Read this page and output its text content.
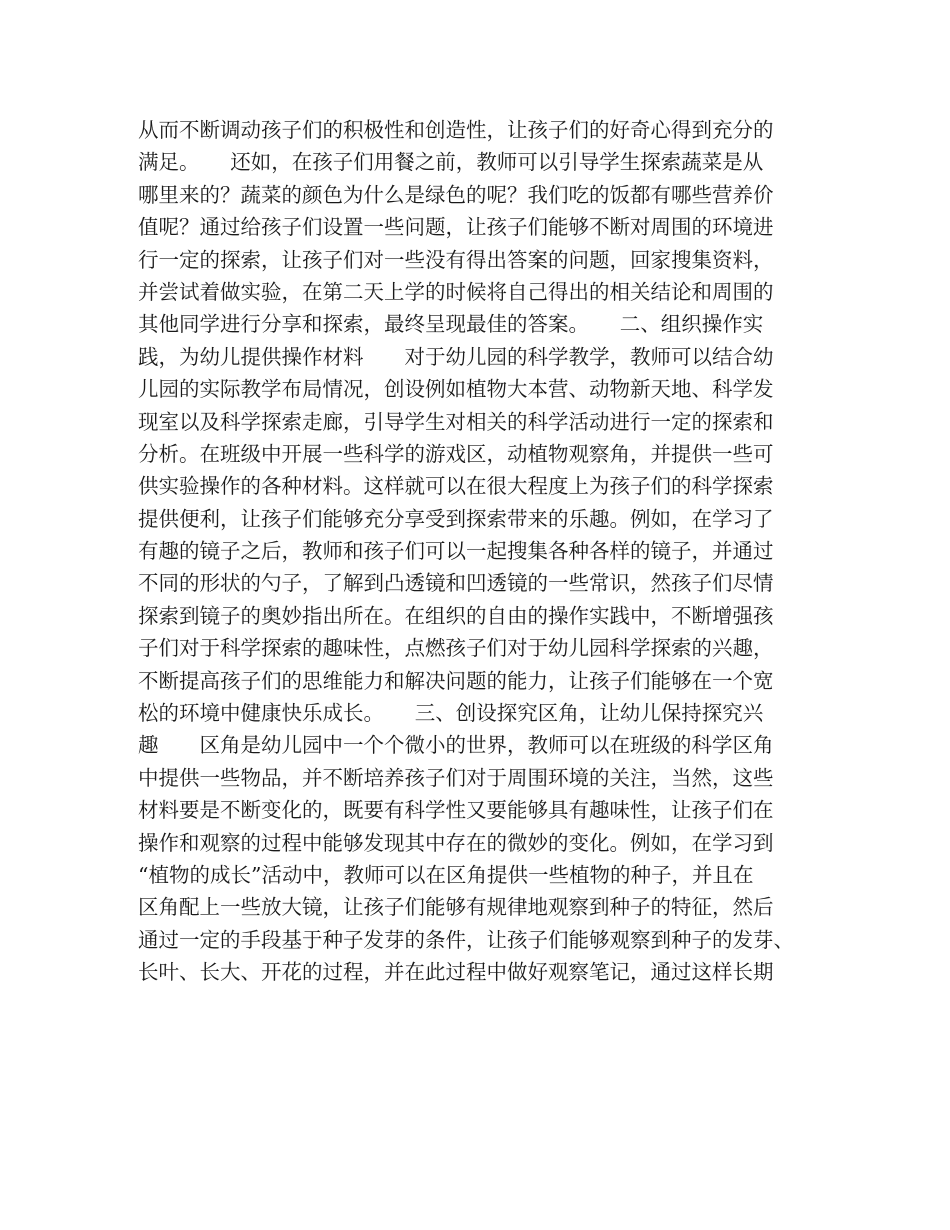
从而不断调动孩子们的积极性和创造性，让孩子们的好奇心得到充分的
满足。　　还如，在孩子们用餐之前，教师可以引导学生探索蔬菜是从
哪里来的？蔬菜的颜色为什么是绿色的呢？我们吃的饭都有哪些营养价
值呢？通过给孩子们设置一些问题，让孩子们能够不断对周围的环境进
行一定的探索，让孩子们对一些没有得出答案的问题，回家搜集资料，
并尝试着做实验，在第二天上学的时候将自己得出的相关结论和周围的
其他同学进行分享和探索，最终呈现最佳的答案。　　二、组织操作实
践，为幼儿提供操作材料　　对于幼儿园的科学教学，教师可以结合幼
儿园的实际教学布局情况，创设例如植物大本营、动物新天地、科学发
现室以及科学探索走廊，引导学生对相关的科学活动进行一定的探索和
分析。在班级中开展一些科学的游戏区，动植物观察角，并提供一些可
供实验操作的各种材料。这样就可以在很大程度上为孩子们的科学探索
提供便利，让孩子们能够充分享受到探索带来的乐趣。例如，在学习了
有趣的镜子之后，教师和孩子们可以一起搜集各种各样的镜子，并通过
不同的形状的勺子，了解到凸透镜和凹透镜的一些常识，然孩子们尽情
探索到镜子的奥妙指出所在。在组织的自由的操作实践中，不断增强孩
子们对于科学探索的趣味性，点燃孩子们对于幼儿园科学探索的兴趣，
不断提高孩子们的思维能力和解决问题的能力，让孩子们能够在一个宽
松的环境中健康快乐成长。　　三、创设探究区角，让幼儿保持探究兴
趣　　区角是幼儿园中一个个微小的世界，教师可以在班级的科学区角
中提供一些物品，并不断培养孩子们对于周围环境的关注，当然，这些
材料要是不断变化的，既要有科学性又要能够具有趣味性，让孩子们在
操作和观察的过程中能够发现其中存在的微妙的变化。例如，在学习到
“植物的成长”活动中，教师可以在区角提供一些植物的种子，并且在
区角配上一些放大镜，让孩子们能够有规律地观察到种子的特征，然后
通过一定的手段基于种子发芽的条件，让孩子们能够观察到种子的发芽、
长叶、长大、开花的过程，并在此过程中做好观察笔记，通过这样长期
